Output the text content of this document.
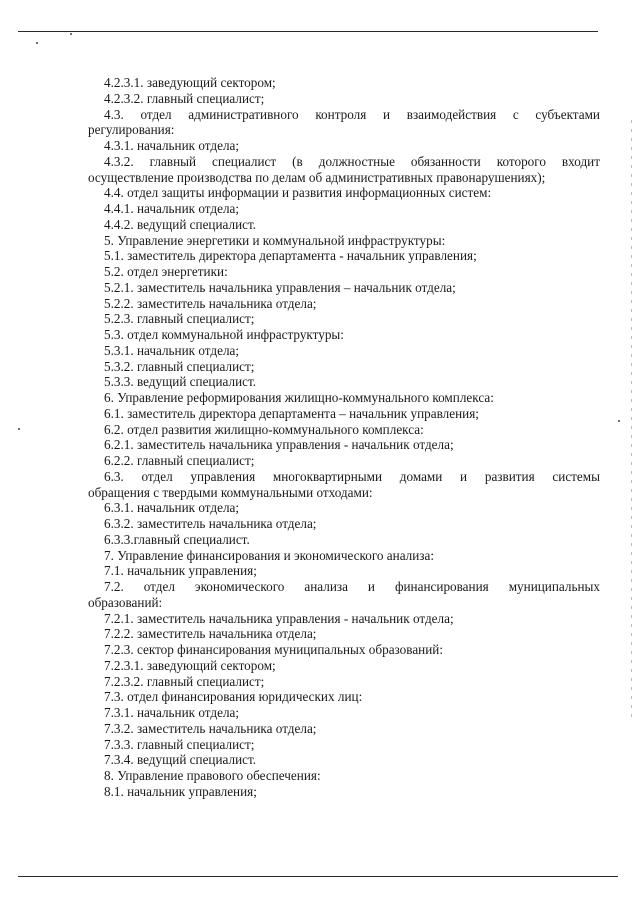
4.2.3.1. заведующий сектором;
4.2.3.2. главный специалист;
4.3. отдел административного контроля и взаимодействия с субъектами
регулирования:
4.3.1. начальник отдела;
4.3.2. главный специалист (в должностные обязанности которого входит
осуществление производства по делам об административных правонарушениях);
4.4. отдел защиты информации и развития информационных систем:
4.4.1. начальник отдела;
4.4.2. ведущий специалист.
5. Управление энергетики и коммунальной инфраструктуры:
5.1. заместитель директора департамента - начальник управления;
5.2. отдел энергетики:
5.2.1. заместитель начальника управления – начальник отдела;
5.2.2. заместитель начальника отдела;
5.2.3. главный специалист;
5.3. отдел коммунальной инфраструктуры:
5.3.1. начальник отдела;
5.3.2. главный специалист;
5.3.3. ведущий специалист.
6. Управление реформирования жилищно-коммунального комплекса:
6.1. заместитель директора департамента – начальник управления;
6.2. отдел развития жилищно-коммунального комплекса:
6.2.1. заместитель начальника управления - начальник отдела;
6.2.2. главный специалист;
6.3. отдел управления многоквартирными домами и развития системы
обращения с твердыми коммунальными отходами:
6.3.1. начальник отдела;
6.3.2. заместитель начальника отдела;
6.3.3.главный специалист.
7. Управление финансирования и экономического анализа:
7.1. начальник управления;
7.2. отдел экономического анализа и финансирования муниципальных
образований:
7.2.1. заместитель начальника управления - начальник отдела;
7.2.2. заместитель начальника отдела;
7.2.3. сектор финансирования муниципальных образований:
7.2.3.1. заведующий сектором;
7.2.3.2. главный специалист;
7.3. отдел финансирования юридических лиц:
7.3.1. начальник отдела;
7.3.2. заместитель начальника отдела;
7.3.3. главный специалист;
7.3.4. ведущий специалист.
8. Управление правового обеспечения:
8.1. начальник управления;
